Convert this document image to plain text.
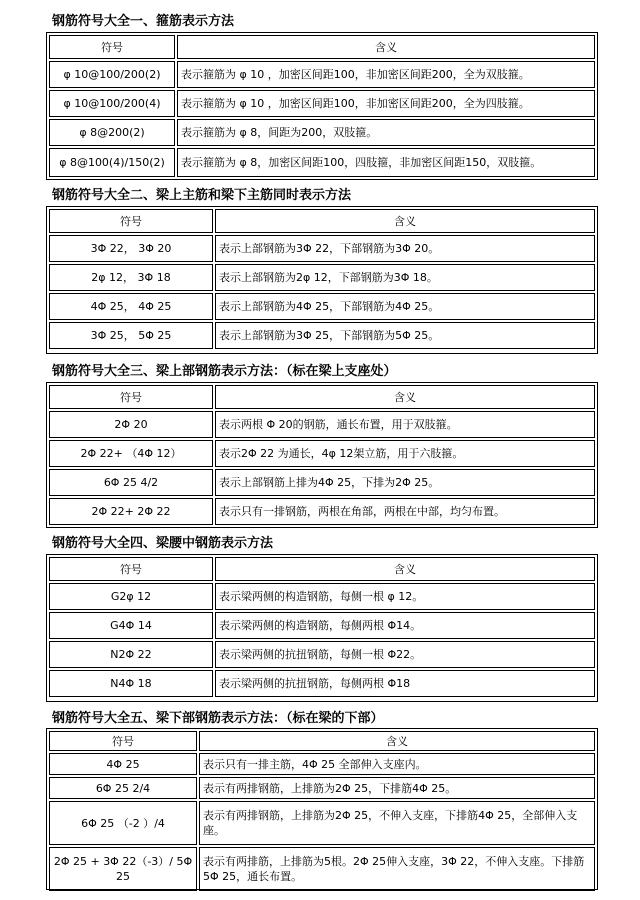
钢筋符号大全一、箍筋表示方法
符号	含义
φ 10@100/200(2)	表示箍筋为 φ 10 ，加密区间距100，非加密区间距200，全为双肢箍。
φ 10@100/200(4)	表示箍筋为 φ 10 ，加密区间距100，非加密区间距200，全为四肢箍。
φ 8@200(2)	表示箍筋为 φ 8，间距为200，双肢箍。
φ 8@100(4)/150(2)	表示箍筋为 φ 8，加密区间距100，四肢箍，非加密区间距150，双肢箍。
钢筋符号大全二、梁上主筋和梁下主筋同时表示方法
符号	含义
3Φ 22， 3Φ 20	表示上部钢筋为3Φ 22，下部钢筋为3Φ 20。
2φ 12， 3Φ 18	表示上部钢筋为2φ 12，下部钢筋为3Φ 18。
4Φ 25， 4Φ 25	表示上部钢筋为4Φ 25，下部钢筋为4Φ 25。
3Φ 25， 5Φ 25	表示上部钢筋为3Φ 25，下部钢筋为5Φ 25。
钢筋符号大全三、梁上部钢筋表示方法：（标在梁上支座处）
符号	含义
2Φ 20	表示两根 Φ 20的钢筋，通长布置，用于双肢箍。
2Φ 22+ （4Φ 12）	表示2Φ 22 为通长，4φ 12架立筋，用于六肢箍。
6Φ 25 4/2	表示上部钢筋上排为4Φ 25，下排为2Φ 25。
2Φ 22+ 2Φ 22	表示只有一排钢筋，两根在角部，两根在中部，均匀布置。
钢筋符号大全四、梁腰中钢筋表示方法
符号	含义
G2φ 12	表示梁两侧的构造钢筋，每侧一根 φ 12。
G4Φ 14	表示梁两侧的构造钢筋，每侧两根 Φ14。
N2Φ 22	表示梁两侧的抗扭钢筋，每侧一根 Φ22。
N4Φ 18	表示梁两侧的抗扭钢筋，每侧两根 Φ18
钢筋符号大全五、梁下部钢筋表示方法：（标在梁的下部）
符号	含义
4Φ 25	表示只有一排主筋，4Φ 25 全部伸入支座内。
6Φ 25 2/4	表示有两排钢筋，上排筋为2Φ 25，下排筋4Φ 25。
6Φ 25 （-2 ）/4	表示有两排钢筋，上排筋为2Φ 25，不伸入支座，下排筋4Φ 25，全部伸入支座。
2Φ 25 + 3Φ 22（-3）/ 5Φ 25	表示有两排筋，上排筋为5根。2Φ 25伸入支座，3Φ 22，不伸入支座。下排筋 5Φ 25，通长布置。
